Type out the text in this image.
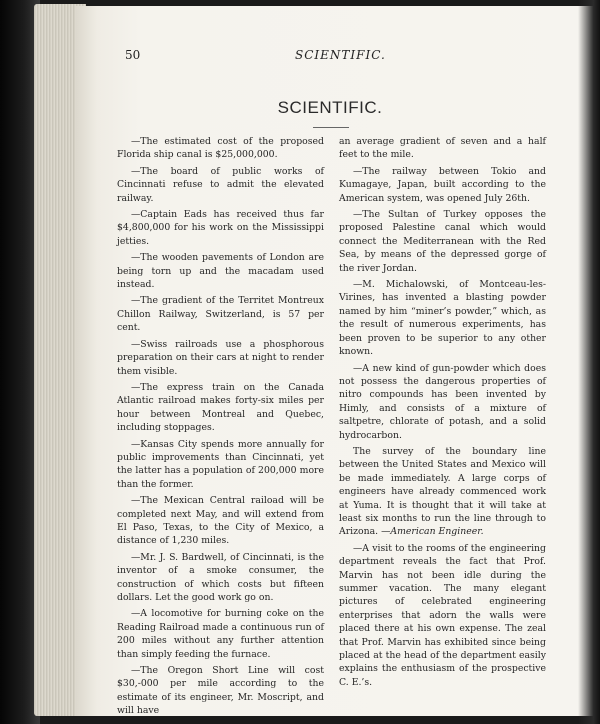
50	SCIENTIFIC.
SCIENTIFIC.

—The estimated cost of the proposed Florida ship canal is $25,000,000.

—The board of public works of Cincinnati refuse to admit the elevated railway.

—Captain Eads has received thus far $4,800,000 for his work on the Mississippi jetties.

—The wooden pavements of London are being torn up and the macadam used instead.

—The gradient of the Territet Montreux Chillon Railway, Switzerland, is 57 per cent.

—Swiss railroads use a phosphorous preparation on their cars at night to render them visible.

—The express train on the Canada Atlantic railroad makes forty-six miles per hour between Montreal and Quebec, including stoppages.

—Kansas City spends more annually for public improvements than Cincinnati, yet the latter has a population of 200,000 more than the former.

—The Mexican Central raiload will be completed next May, and will extend from El Paso, Texas, to the City of Mexico, a distance of 1,230 miles.

—Mr. J. S. Bardwell, of Cincinnati, is the inventor of a smoke consumer, the construction of which costs but fifteen dollars. Let the good work go on.

—A locomotive for burning coke on the Reading Railroad made a continuous run of 200 miles without any further attention than simply feeding the furnace.

—The Oregon Short Line will cost $30,-000 per mile according to the estimate of its engineer, Mr. Moscript, and will have

an average gradient of seven and a half feet to the mile.

—The railway between Tokio and Kumagaye, Japan, built according to the American system, was opened July 26th.

—The Sultan of Turkey opposes the proposed Palestine canal which would connect the Mediterranean with the Red Sea, by means of the depressed gorge of the river Jordan.

—M. Michalowski, of Montceau-les-Virines, has invented a blasting powder named by him “miner’s powder,” which, as the result of numerous experiments, has been proven to be superior to any other known.

—A new kind of gun-powder which does not possess the dangerous properties of nitro compounds has been invented by Himly, and consists of a mixture of saltpetre, chlorate of potash, and a solid hydrocarbon.

The survey of the boundary line between the United States and Mexico will be made immediately. A large corps of engineers have already commenced work at Yuma. It is thought that it will take at least six months to run the line through to Arizona. —American Engineer.

—A visit to the rooms of the engineering department reveals the fact that Prof. Marvin has not been idle during the summer vacation. The many elegant pictures of celebrated engineering enterprises that adorn the walls were placed there at his own expense. The zeal that Prof. Marvin has exhibited since being placed at the head of the department easily explains the enthusiasm of the prospective C. E.’s.
